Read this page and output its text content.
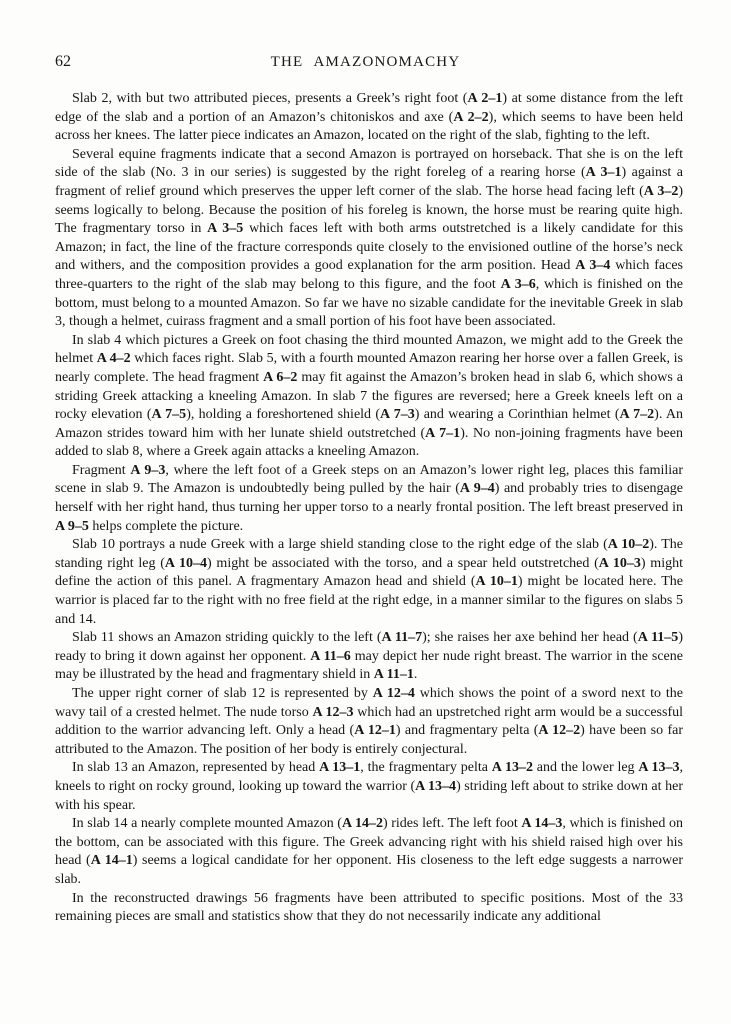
62	THE AMAZONOMACHY

Slab 2, with but two attributed pieces, presents a Greek’s right foot (A 2–1) at some distance from the left edge of the slab and a portion of an Amazon’s chitoniskos and axe (A 2–2), which seems to have been held across her knees. The latter piece indicates an Amazon, located on the right of the slab, fighting to the left.

Several equine fragments indicate that a second Amazon is portrayed on horseback. That she is on the left side of the slab (No. 3 in our series) is suggested by the right foreleg of a rearing horse (A 3–1) against a fragment of relief ground which preserves the upper left corner of the slab. The horse head facing left (A 3–2) seems logically to belong. Because the position of his foreleg is known, the horse must be rearing quite high. The fragmentary torso in A 3–5 which faces left with both arms outstretched is a likely candidate for this Amazon; in fact, the line of the fracture corresponds quite closely to the envisioned outline of the horse’s neck and withers, and the composition provides a good explanation for the arm position. Head A 3–4 which faces three-quarters to the right of the slab may belong to this figure, and the foot A 3–6, which is finished on the bottom, must belong to a mounted Amazon. So far we have no sizable candidate for the inevitable Greek in slab 3, though a helmet, cuirass fragment and a small portion of his foot have been associated.

In slab 4 which pictures a Greek on foot chasing the third mounted Amazon, we might add to the Greek the helmet A 4–2 which faces right. Slab 5, with a fourth mounted Amazon rearing her horse over a fallen Greek, is nearly complete. The head fragment A 6–2 may fit against the Amazon’s broken head in slab 6, which shows a striding Greek attacking a kneeling Amazon. In slab 7 the figures are reversed; here a Greek kneels left on a rocky elevation (A 7–5), holding a foreshortened shield (A 7–3) and wearing a Corinthian helmet (A 7–2). An Amazon strides toward him with her lunate shield outstretched (A 7–1). No non-joining fragments have been added to slab 8, where a Greek again attacks a kneeling Amazon.

Fragment A 9–3, where the left foot of a Greek steps on an Amazon’s lower right leg, places this familiar scene in slab 9. The Amazon is undoubtedly being pulled by the hair (A 9–4) and probably tries to disengage herself with her right hand, thus turning her upper torso to a nearly frontal position. The left breast preserved in A 9–5 helps complete the picture.

Slab 10 portrays a nude Greek with a large shield standing close to the right edge of the slab (A 10–2). The standing right leg (A 10–4) might be associated with the torso, and a spear held outstretched (A 10–3) might define the action of this panel. A fragmentary Amazon head and shield (A 10–1) might be located here. The warrior is placed far to the right with no free field at the right edge, in a manner similar to the figures on slabs 5 and 14.

Slab 11 shows an Amazon striding quickly to the left (A 11–7); she raises her axe behind her head (A 11–5) ready to bring it down against her opponent. A 11–6 may depict her nude right breast. The warrior in the scene may be illustrated by the head and fragmentary shield in A 11–1.

The upper right corner of slab 12 is represented by A 12–4 which shows the point of a sword next to the wavy tail of a crested helmet. The nude torso A 12–3 which had an upstretched right arm would be a successful addition to the warrior advancing left. Only a head (A 12–1) and fragmentary pelta (A 12–2) have been so far attributed to the Amazon. The position of her body is entirely conjectural.

In slab 13 an Amazon, represented by head A 13–1, the fragmentary pelta A 13–2 and the lower leg A 13–3, kneels to right on rocky ground, looking up toward the warrior (A 13–4) striding left about to strike down at her with his spear.

In slab 14 a nearly complete mounted Amazon (A 14–2) rides left. The left foot A 14–3, which is finished on the bottom, can be associated with this figure. The Greek advancing right with his shield raised high over his head (A 14–1) seems a logical candidate for her opponent. His closeness to the left edge suggests a narrower slab.

In the reconstructed drawings 56 fragments have been attributed to specific positions. Most of the 33 remaining pieces are small and statistics show that they do not necessarily indicate any additional
